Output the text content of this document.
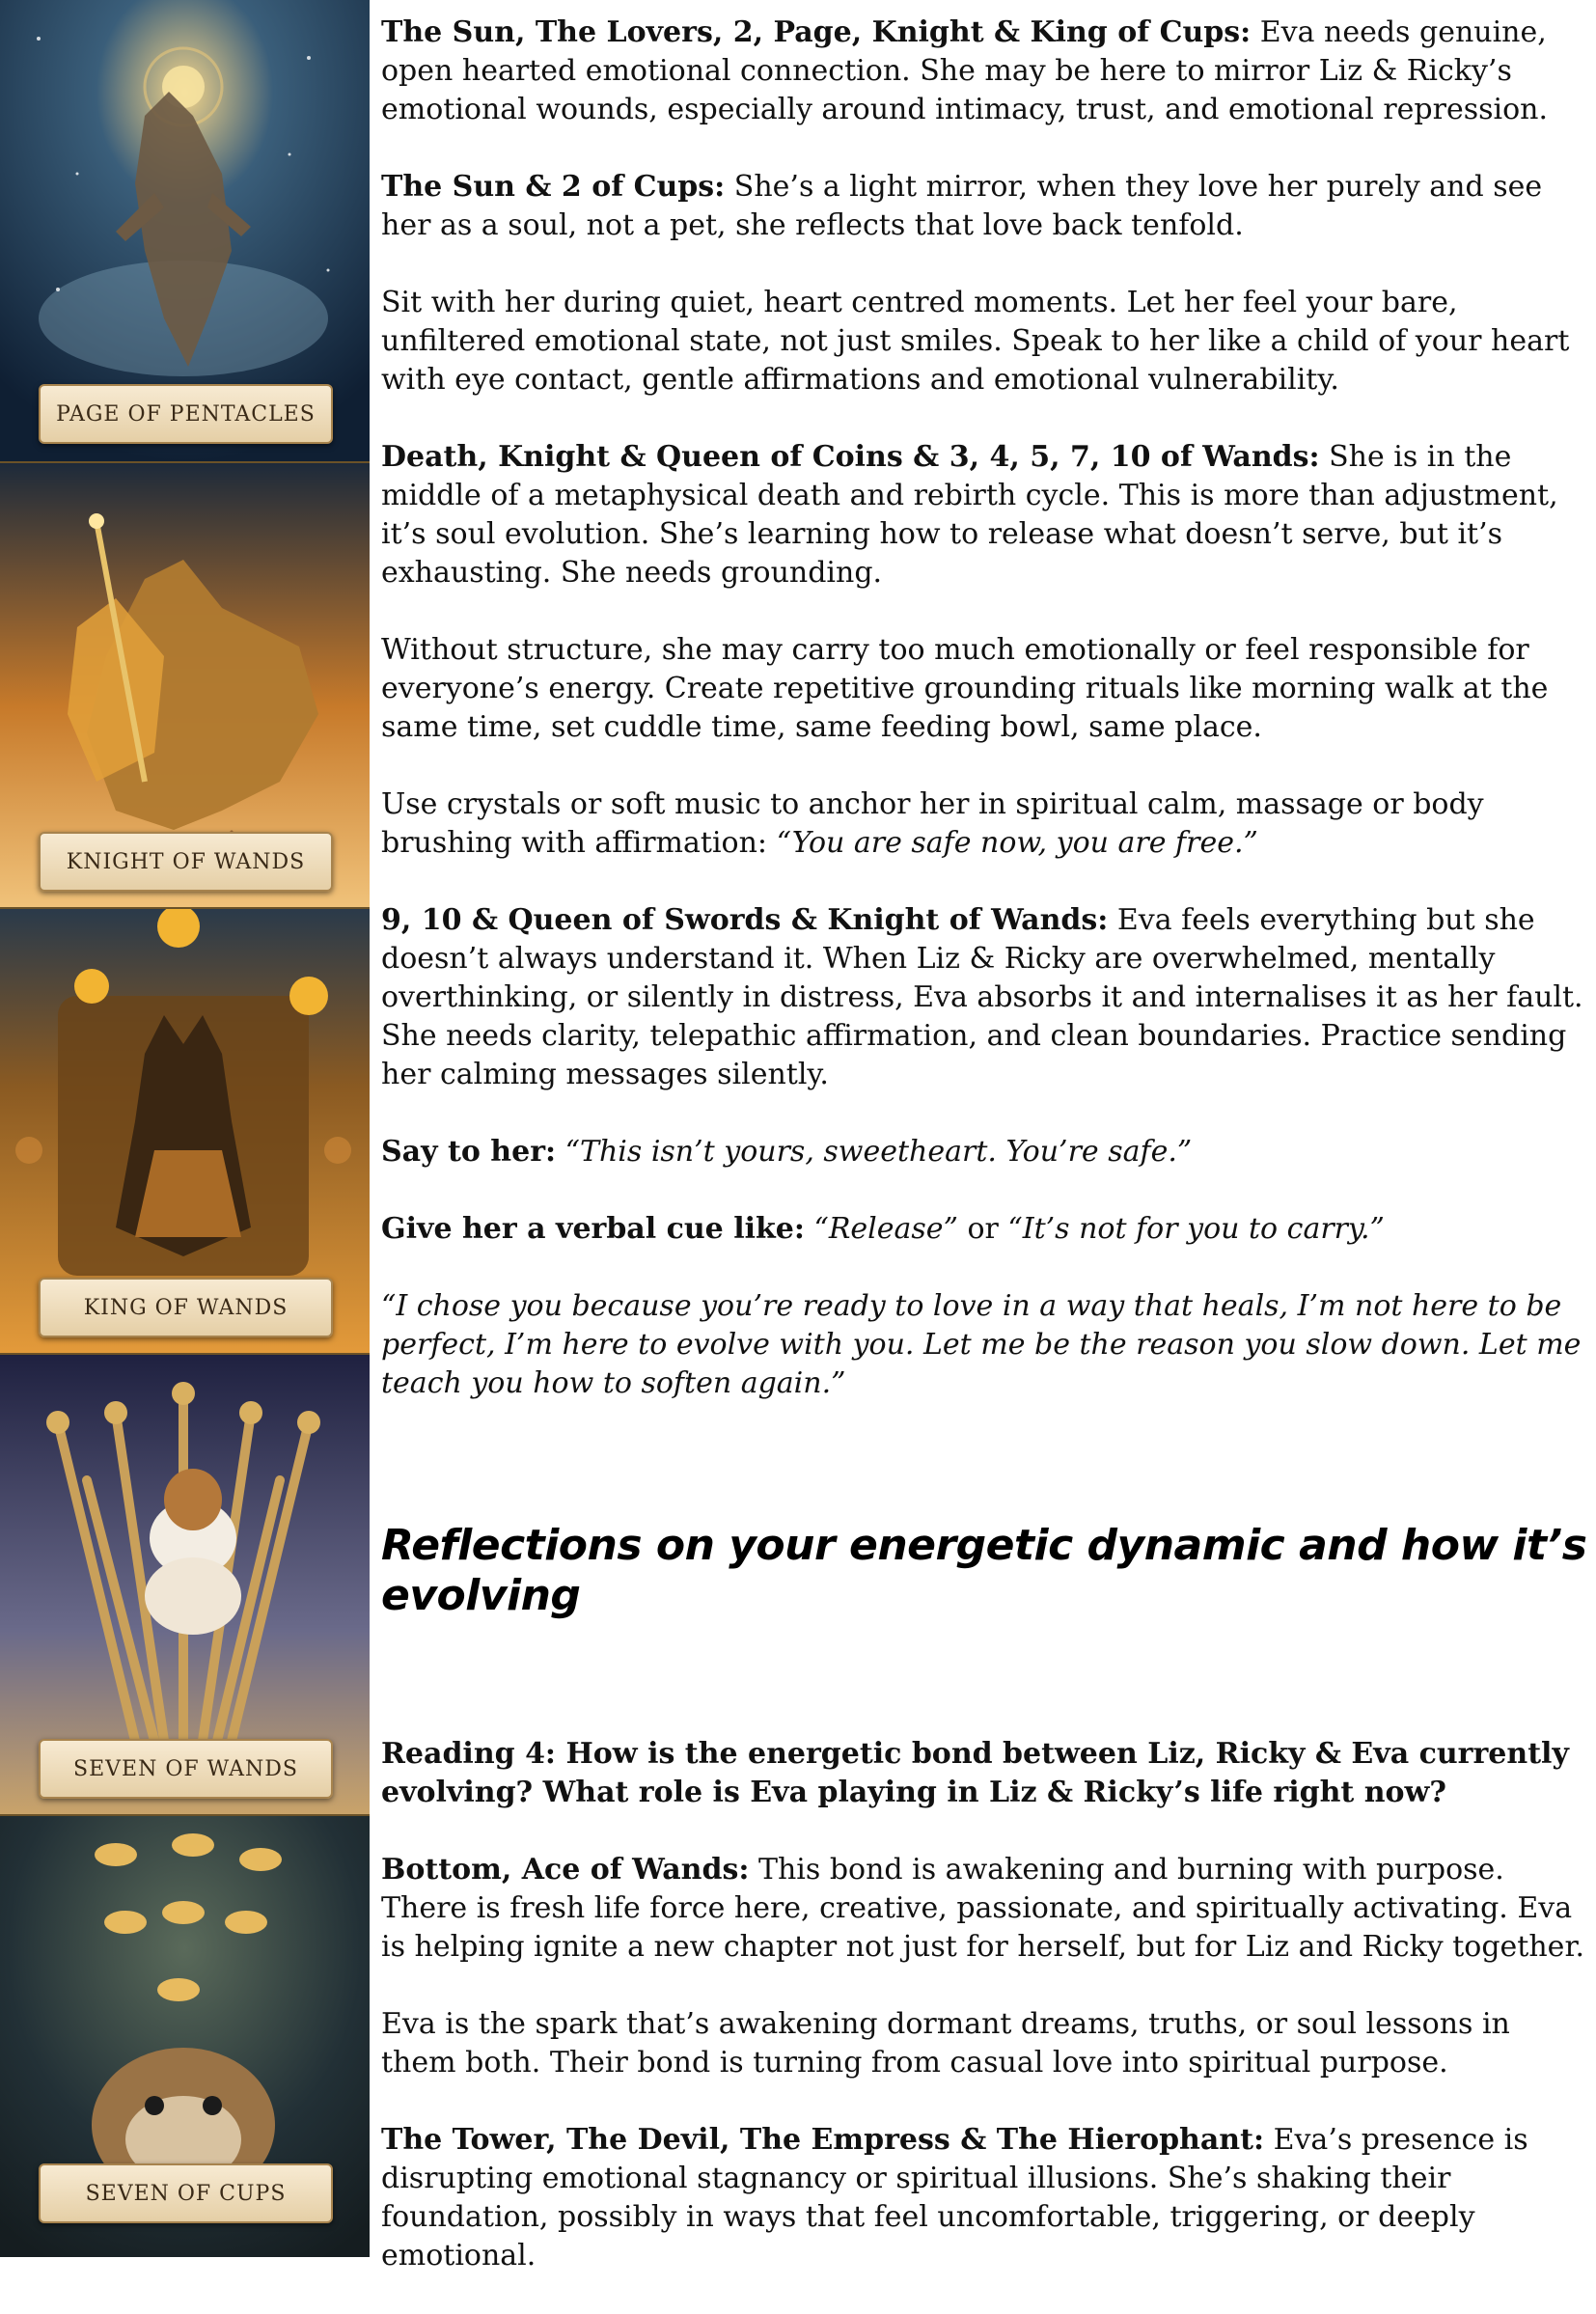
PAGE OF PENTACLES
KNIGHT OF WANDS
KING OF WANDS
SEVEN OF WANDS
SEVEN OF CUPS

The Sun, The Lovers, 2, Page, Knight & King of Cups: Eva needs genuine, open hearted emotional connection. She may be here to mirror Liz & Ricky’s emotional wounds, especially around intimacy, trust, and emotional repression.

The Sun & 2 of Cups: She’s a light mirror, when they love her purely and see her as a soul, not a pet, she reflects that love back tenfold.

Sit with her during quiet, heart centred moments. Let her feel your bare, unfiltered emotional state, not just smiles. Speak to her like a child of your heart with eye contact, gentle affirmations and emotional vulnerability.

Death, Knight & Queen of Coins & 3, 4, 5, 7, 10 of Wands: She is in the middle of a metaphysical death and rebirth cycle. This is more than adjustment, it’s soul evolution. She’s learning how to release what doesn’t serve, but it’s exhausting. She needs grounding.

Without structure, she may carry too much emotionally or feel responsible for everyone’s energy. Create repetitive grounding rituals like morning walk at the same time, set cuddle time, same feeding bowl, same place.

Use crystals or soft music to anchor her in spiritual calm, massage or body brushing with affirmation: “You are safe now, you are free.”

9, 10 & Queen of Swords & Knight of Wands: Eva feels everything but she doesn’t always understand it. When Liz & Ricky are overwhelmed, mentally overthinking, or silently in distress, Eva absorbs it and internalises it as her fault. She needs clarity, telepathic affirmation, and clean boundaries. Practice sending her calming messages silently.

Say to her: “This isn’t yours, sweetheart. You’re safe.”

Give her a verbal cue like: “Release” or “It’s not for you to carry.”

“I chose you because you’re ready to love in a way that heals, I’m not here to be perfect, I’m here to evolve with you. Let me be the reason you slow down. Let me teach you how to soften again.”

Reflections on your energetic dynamic and how it’s evolving

Reading 4: How is the energetic bond between Liz, Ricky & Eva currently evolving? What role is Eva playing in Liz & Ricky’s life right now?

Bottom, Ace of Wands: This bond is awakening and burning with purpose. There is fresh life force here, creative, passionate, and spiritually activating. Eva is helping ignite a new chapter not just for herself, but for Liz and Ricky together.

Eva is the spark that’s awakening dormant dreams, truths, or soul lessons in them both. Their bond is turning from casual love into spiritual purpose.

The Tower, The Devil, The Empress & The Hierophant: Eva’s presence is disrupting emotional stagnancy or spiritual illusions. She’s shaking their foundation, possibly in ways that feel uncomfortable, triggering, or deeply emotional.
